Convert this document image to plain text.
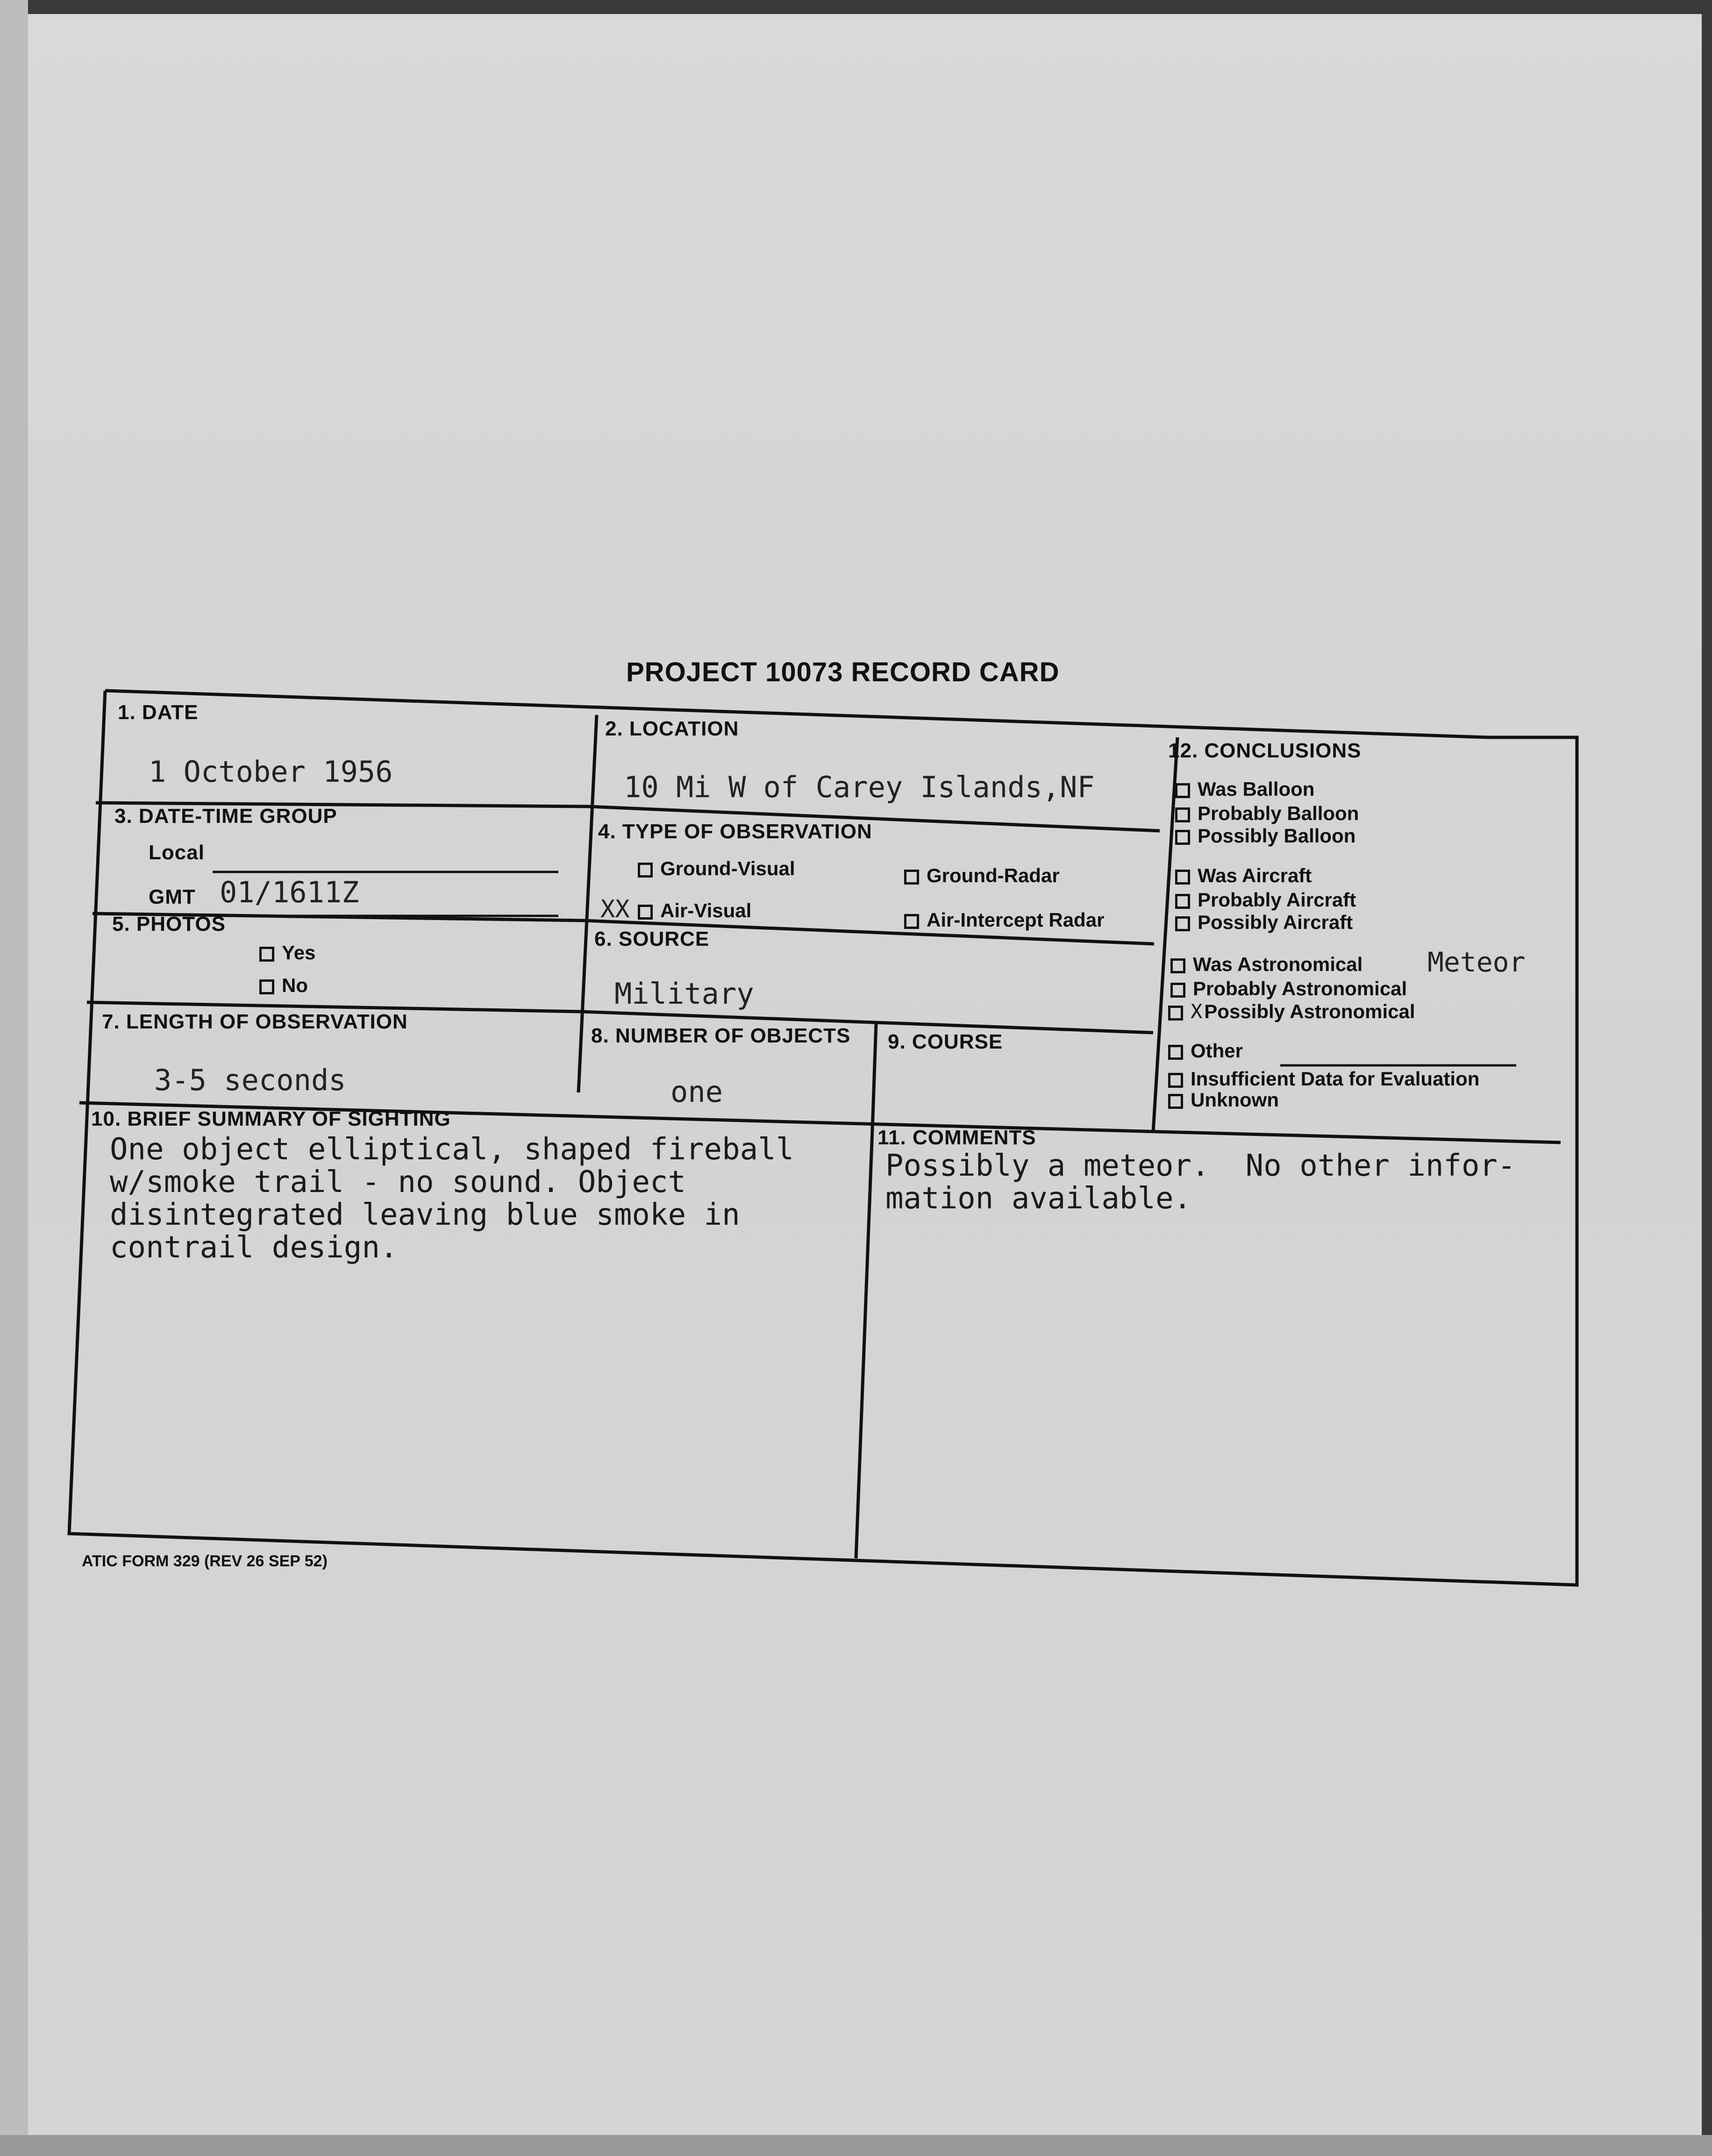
PROJECT 10073 RECORD CARD
1. DATE
1 October 1956
2. LOCATION
10 Mi W of Carey Islands,NF
3. DATE-TIME GROUP
Local
GMT 01/1611Z
4. TYPE OF OBSERVATION
Ground-Visual	Ground-Radar
XX	Air-Visual	Air-Intercept Radar
5. PHOTOS
Yes
No
6. SOURCE
Military
7. LENGTH OF OBSERVATION
3-5 seconds
8. NUMBER OF OBJECTS
one
9. COURSE
10. BRIEF SUMMARY OF SIGHTING
One object elliptical, shaped fireball
w/smoke trail - no sound. Object
disintegrated leaving blue smoke in
contrail design.
11. COMMENTS
Possibly a meteor.  No other infor-
mation available.
12. CONCLUSIONS
Was Balloon
Probably Balloon
Possibly Balloon
Was Aircraft
Probably Aircraft
Possibly Aircraft
Was Astronomical Meteor
Probably Astronomical
XPossibly Astronomical
Other
Insufficient Data for Evaluation
Unknown
ATIC FORM 329 (REV 26 SEP 52)
